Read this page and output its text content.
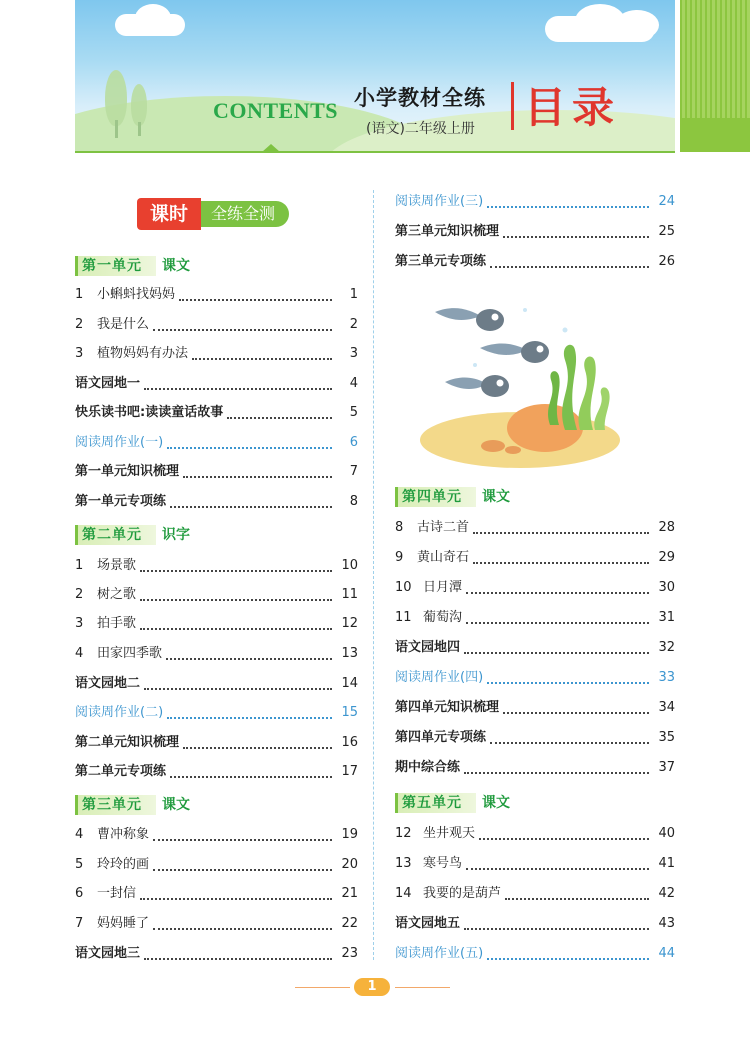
CONTENTS 小学教材全练
(语文)二年级上册 目录
全练全测
课时
第一单元 课文
1	小蝌蚪找妈妈	1
2	我是什么	2
3	植物妈妈有办法	3
语文园地一	4
快乐读书吧:读读童话故事	5
阅读周作业(一)	6
第一单元知识梳理	7
第一单元专项练	8
第二单元 识字
1	场景歌	10
2	树之歌	11
3	拍手歌	12
4	田家四季歌	13
语文园地二	14
阅读周作业(二)	15
第二单元知识梳理	16
第二单元专项练	17
第三单元 课文
4	曹冲称象	19
5	玲玲的画	20
6	一封信	21
7	妈妈睡了	22
语文园地三	23
阅读周作业(三)	24
第三单元知识梳理	25
第三单元专项练	26
第四单元 课文
8	古诗二首	28
9	黄山奇石	29
10 日月潭	30
11 葡萄沟	31
语文园地四	32
阅读周作业(四)	33
第四单元知识梳理	34
第四单元专项练	35
期中综合练	37
第五单元 课文
12 坐井观天	40
13 寒号鸟	41
14 我要的是葫芦	42
语文园地五	43
阅读周作业(五)	44
1
